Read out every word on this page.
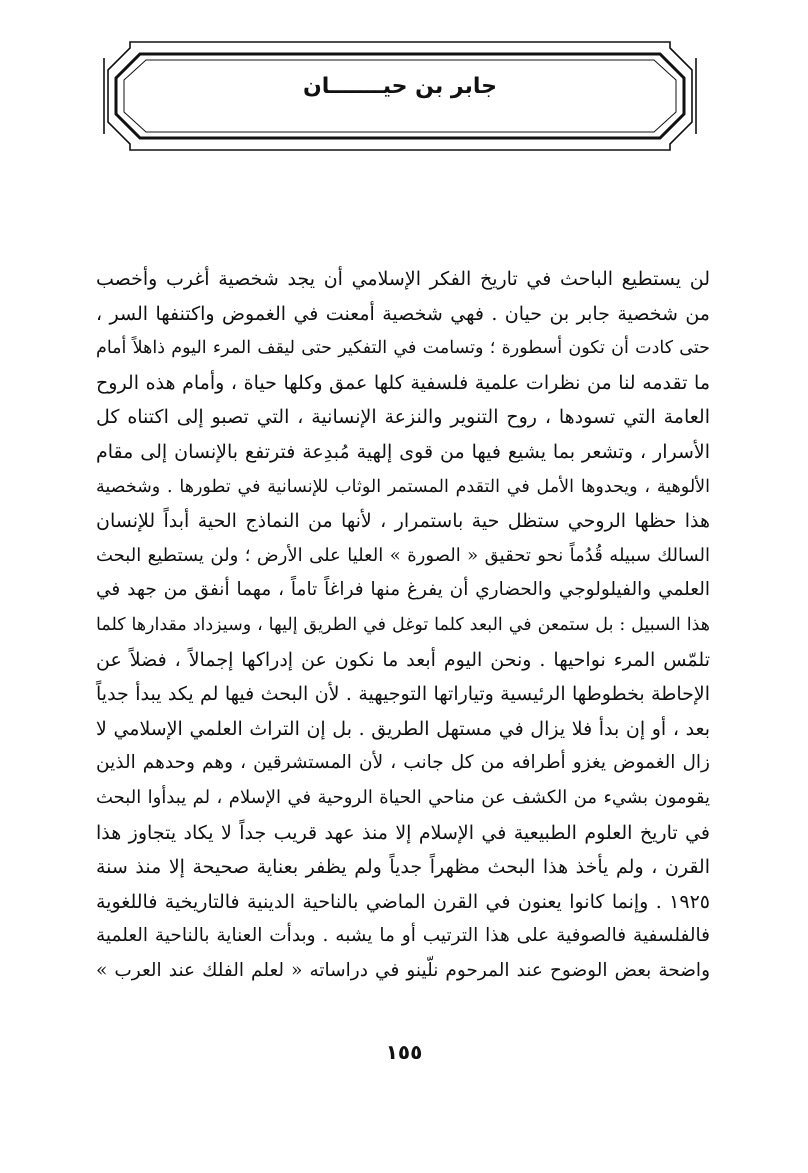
جابر بن حيـــــــان
لن يستطيع الباحث في تاريخ الفكر الإسلامي أن يجد شخصية أغرب وأخصب
من شخصية جابر بن حيان . فهي شخصية أمعنت في الغموض واكتنفها السر ،
حتى كادت أن تكون أسطورة ؛ وتسامت في التفكير حتى ليقف المرء اليوم ذاهلاً أمام
ما تقدمه لنا من نظرات علمية فلسفية كلها عمق وكلها حياة ، وأمام هذه الروح
العامة التي تسودها ، روح التنوير والنزعة الإنسانية ، التي تصبو إلى اكتناه كل
الأسرار ، وتشعر بما يشيع فيها من قوى إلهية مُبدِعة فترتفع بالإنسان إلى مقام
الألوهية ، ويحدوها الأمل في التقدم المستمر الوثاب للإنسانية في تطورها . وشخصية
هذا حظها الروحي ستظل حية باستمرار ، لأنها من النماذج الحية أبداً للإنسان
السالك سبيله قُدُماً نحو تحقيق « الصورة » العليا على الأرض ؛ ولن يستطيع البحث
العلمي والفيلولوجي والحضاري أن يفرغ منها فراغاً تاماً ، مهما أنفق من جهد في
هذا السبيل : بل ستمعن في البعد كلما توغل في الطريق إليها ، وسيزداد مقدارها كلما
تلمّس المرء نواحيها . ونحن اليوم أبعد ما نكون عن إدراكها إجمالاً ، فضلاً عن
الإحاطة بخطوطها الرئيسية وتياراتها التوجيهية . لأن البحث فيها لم يكد يبدأ جدياً
بعد ، أو إن بدأ فلا يزال في مستهل الطريق . بل إن التراث العلمي الإسلامي لا
زال الغموض يغزو أطرافه من كل جانب ، لأن المستشرقين ، وهم وحدهم الذين
يقومون بشيء من الكشف عن مناحي الحياة الروحية في الإسلام ، لم يبدأوا البحث
في تاريخ العلوم الطبيعية في الإسلام إلا منذ عهد قريب جداً لا يكاد يتجاوز هذا
القرن ، ولم يأخذ هذا البحث مظهراً جدياً ولم يظفر بعناية صحيحة إلا منذ سنة
١٩٢٥ . وإنما كانوا يعنون في القرن الماضي بالناحية الدينية فالتاريخية فاللغوية
فالفلسفية فالصوفية على هذا الترتيب أو ما يشبه . وبدأت العناية بالناحية العلمية
واضحة بعض الوضوح عند المرحوم نلّينو في دراساته « لعلم الفلك عند العرب »
١٥٥
